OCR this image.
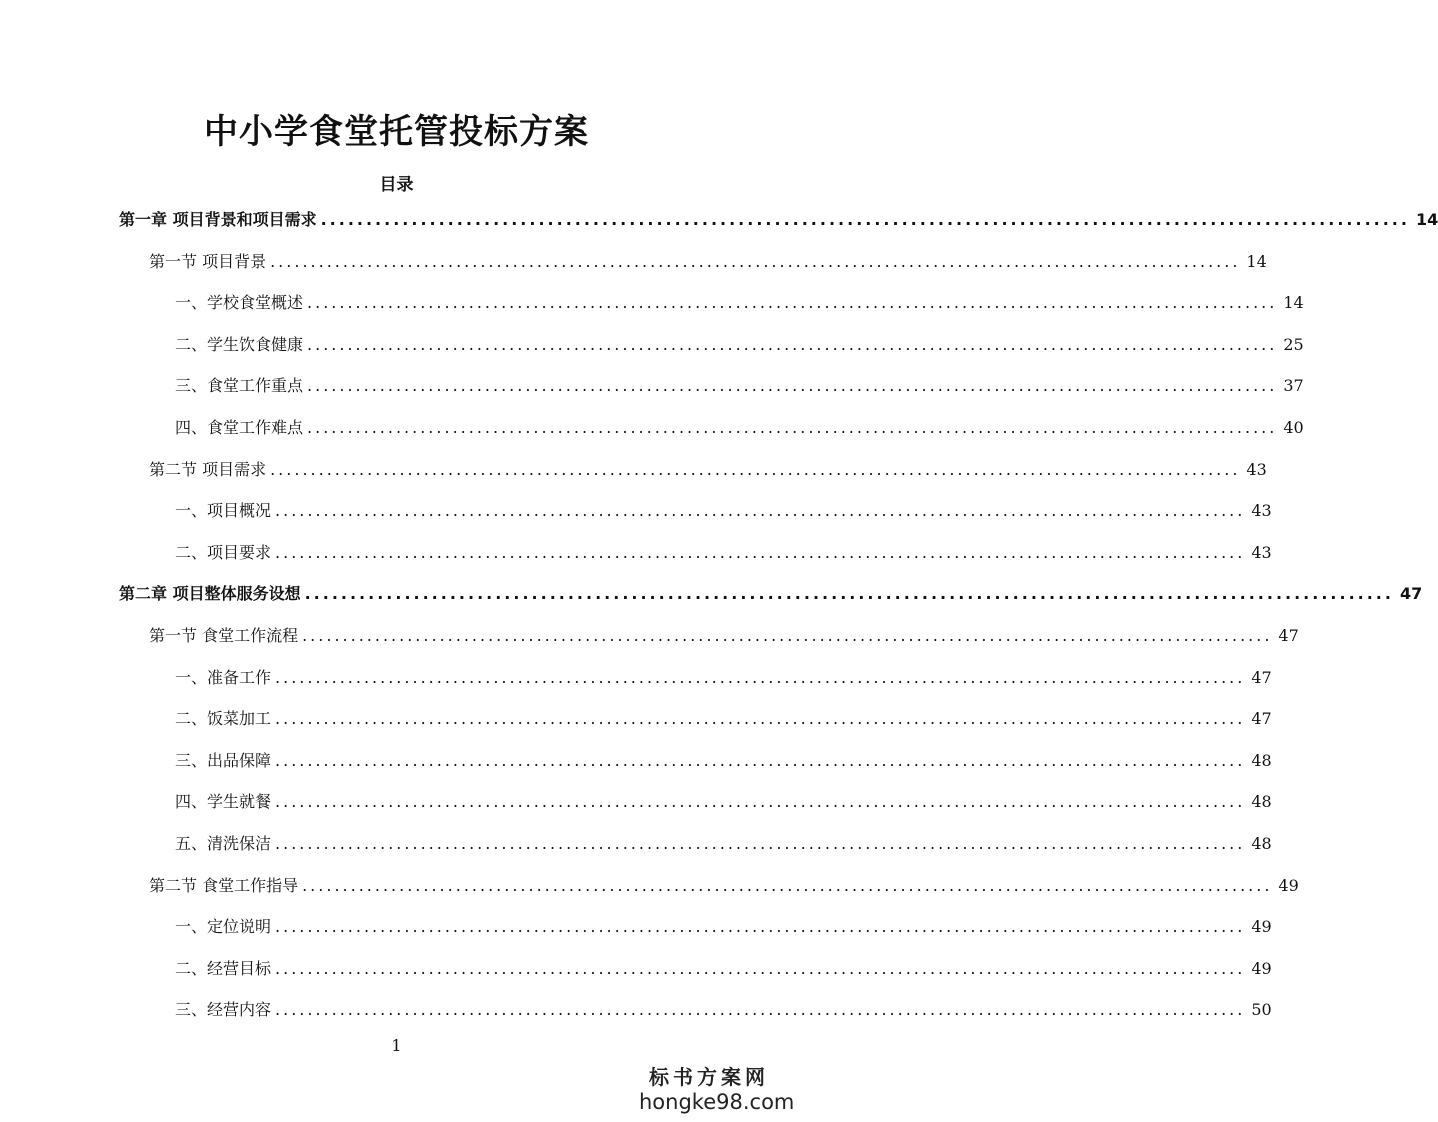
中小学食堂托管投标方案
目录
第一章 项目背景和项目需求 ........................................................................................................................ 14
第一节 项目背景 ........................................................................................................................ 14
一、学校食堂概述 ........................................................................................................................ 14
二、学生饮食健康 ........................................................................................................................ 25
三、食堂工作重点 ........................................................................................................................ 37
四、食堂工作难点 ........................................................................................................................ 40
第二节 项目需求 ........................................................................................................................ 43
一、项目概况 ........................................................................................................................ 43
二、项目要求 ........................................................................................................................ 43
第二章 项目整体服务设想 ........................................................................................................................ 47
第一节 食堂工作流程 ........................................................................................................................ 47
一、准备工作 ........................................................................................................................ 47
二、饭菜加工 ........................................................................................................................ 47
三、出品保障 ........................................................................................................................ 48
四、学生就餐 ........................................................................................................................ 48
五、清洗保洁 ........................................................................................................................ 48
第二节 食堂工作指导 ........................................................................................................................ 49
一、定位说明 ........................................................................................................................ 49
二、经营目标 ........................................................................................................................ 49
三、经营内容 ........................................................................................................................ 50
1
标书方案网
hongke98.com
